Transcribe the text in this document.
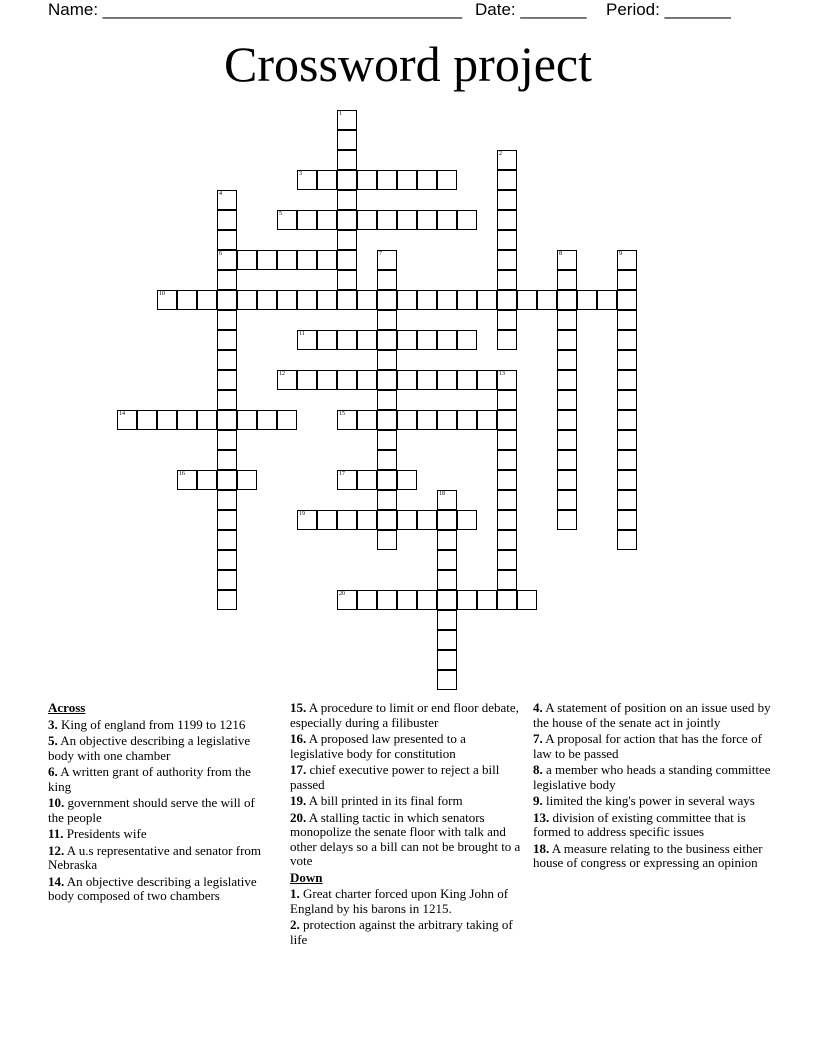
Name: ______________________________________ Date: _______ Period: _______
Crossword project
1
2
3
4
6
5
7	8	9
10
11
12	13
14	15
16	17
18
19
20
Across
3. King of england from 1199 to 1216
5. An objective describing a legislative body with one chamber
6. A written grant of authority from the king
10. government should serve the will of the people
11. Presidents wife
12. A u.s representative and senator from Nebraska
14. An objective describing a legislative body composed of two chambers
15. A procedure to limit or end floor debate, especially during a filibuster
16. A proposed law presented to a legislative body for constitution
17. chief executive power to reject a bill passed
19. A bill printed in its final form
20. A stalling tactic in which senators monopolize the senate floor with talk and other delays so a bill can not be brought to a vote
Down
1. Great charter forced upon King John of England by his barons in 1215.
2. protection against the arbitrary taking of life
4. A statement of position on an issue used by the house of the senate act in jointly
7. A proposal for action that has the force of law to be passed
8. a member who heads a standing committee legislative body
9. limited the king's power in several ways
13. division of existing committee that is formed to address specific issues
18. A measure relating to the business either house of congress or expressing an opinion
